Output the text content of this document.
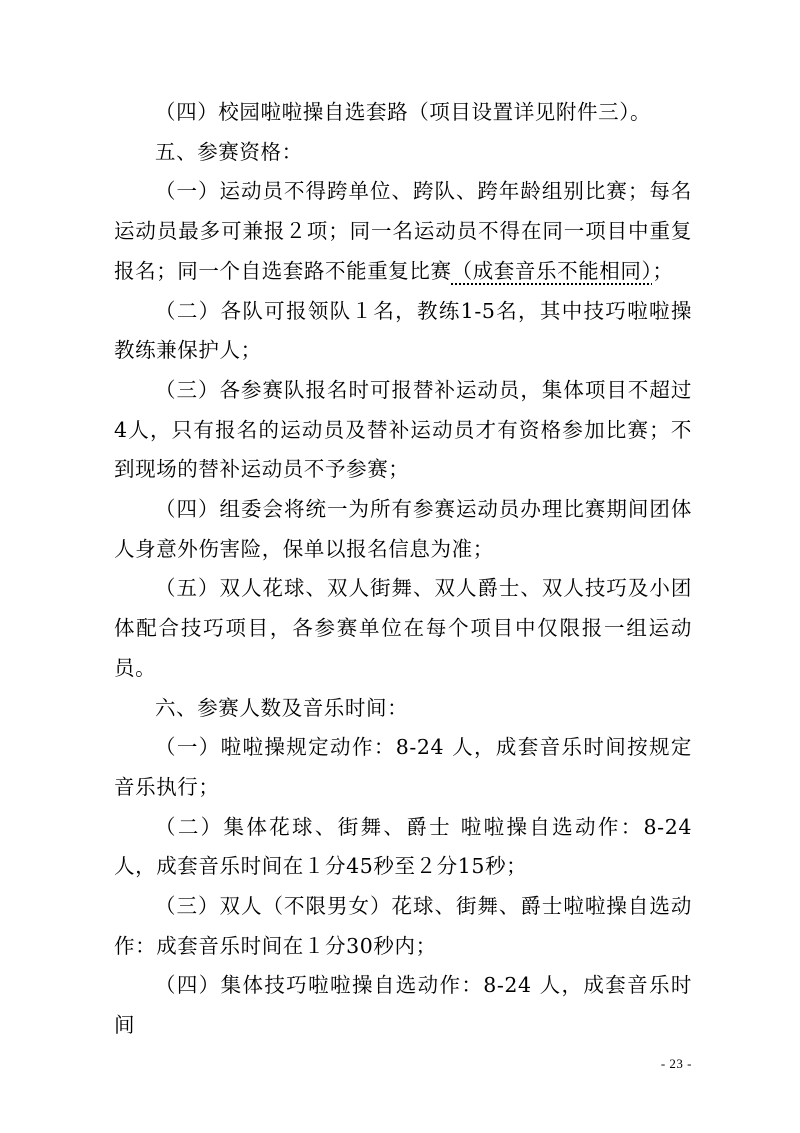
（四）校园啦啦操自选套路（项目设置详见附件三）。

五、参赛资格：

（一）运动员不得跨单位、跨队、跨年龄组别比赛；每名运动员最多可兼报２项；同一名运动员不得在同一项目中重复报名；同一个自选套路不能重复比赛（成套音乐不能相同）；

（二）各队可报领队１名，教练1-5名，其中技巧啦啦操教练兼保护人；

（三）各参赛队报名时可报替补运动员，集体项目不超过4人，只有报名的运动员及替补运动员才有资格参加比赛；不到现场的替补运动员不予参赛；

（四）组委会将统一为所有参赛运动员办理比赛期间团体人身意外伤害险，保单以报名信息为准；

（五）双人花球、双人街舞、双人爵士、双人技巧及小团体配合技巧项目，各参赛单位在每个项目中仅限报一组运动员。

六、参赛人数及音乐时间：

（一）啦啦操规定动作：8-24 人，成套音乐时间按规定音乐执行；

（二）集体花球、街舞、爵士 啦啦操自选动作：8-24 人，成套音乐时间在１分45秒至２分15秒；

（三）双人（不限男女）花球、街舞、爵士啦啦操自选动作：成套音乐时间在１分30秒内；

（四）集体技巧啦啦操自选动作：8-24 人，成套音乐时间

- 23 -
